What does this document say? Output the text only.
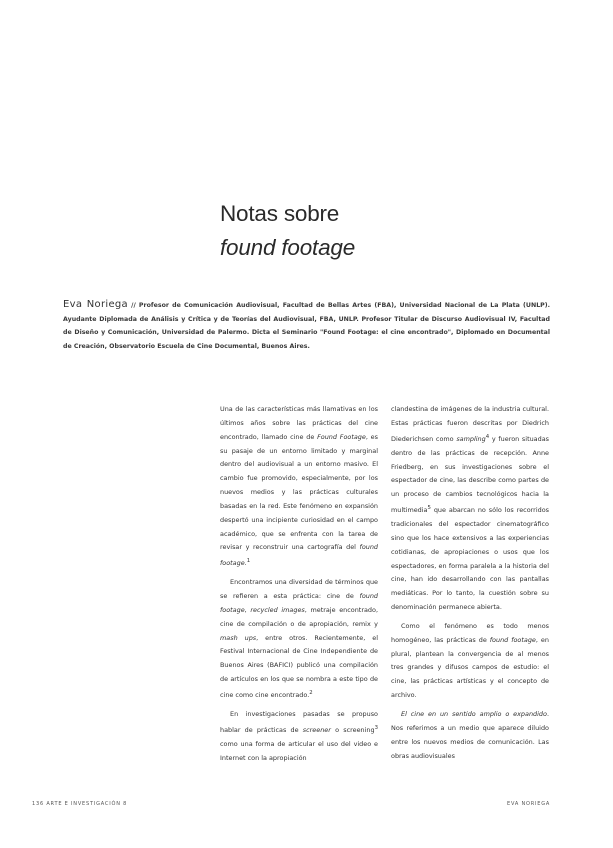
Notas sobre
found footage
Eva Noriega // Profesor de Comunicación Audiovisual, Facultad de Bellas Artes (FBA), Universidad Nacional de La Plata (UNLP). Ayudante Diplomada de Análisis y Crítica y de Teorías del Audiovisual, FBA, UNLP. Profesor Titular de Discurso Audiovisual IV, Facultad de Diseño y Comunicación, Universidad de Palermo. Dicta el Seminario "Found Footage: el cine encontrado", Diplomado en Documental de Creación, Observatorio Escuela de Cine Documental, Buenos Aires.

Una de las características más llamativas en los últimos años sobre las prácticas del cine encontrado, llamado cine de Found Footage, es su pasaje de un entorno limitado y marginal dentro del audiovisual a un entorno masivo. El cambio fue promovido, especialmente, por los nuevos medios y las prácticas culturales basadas en la red. Este fenómeno en expansión despertó una incipiente curiosidad en el campo académico, que se enfrenta con la tarea de revisar y reconstruir una cartografía del found footage.$^1$

Encontramos una diversidad de términos que se refieren a esta práctica: cine de found footage, recycled images, metraje encontrado, cine de compilación o de apropiación, remix y mash ups, entre otros. Recientemente, el Festival Internacional de Cine Independiente de Buenos Aires (BAFICI) publicó una compilación de artículos en los que se nombra a este tipo de cine como cine encontrado.$^2$

En investigaciones pasadas se propuso hablar de prácticas de screener o screening$^3$ como una forma de articular el uso del video e Internet con la apropiación

clandestina de imágenes de la industria cultural. Estas prácticas fueron descritas por Diedrich Diederichsen como sampling$^4$ y fueron situadas dentro de las prácticas de recepción. Anne Friedberg, en sus investigaciones sobre el espectador de cine, las describe como partes de un proceso de cambios tecnológicos hacia la multimedia$^5$ que abarcan no sólo los recorridos tradicionales del espectador cinematográfico sino que los hace extensivos a las experiencias cotidianas, de apropiaciones o usos que los espectadores, en forma paralela a la historia del cine, han ido desarrollando con las pantallas mediáticas. Por lo tanto, la cuestión sobre su denominación permanece abierta.

Como el fenómeno es todo menos homogéneo, las prácticas de found footage, en plural, plantean la convergencia de al menos tres grandes y difusos campos de estudio: el cine, las prácticas artísticas y el concepto de archivo.

El cine en un sentido amplio o expandido. Nos referimos a un medio que aparece diluido entre los nuevos medios de comunicación. Las obras audiovisuales

136 ARTE E INVESTIGACIÓN 8	EVA NORIEGA
